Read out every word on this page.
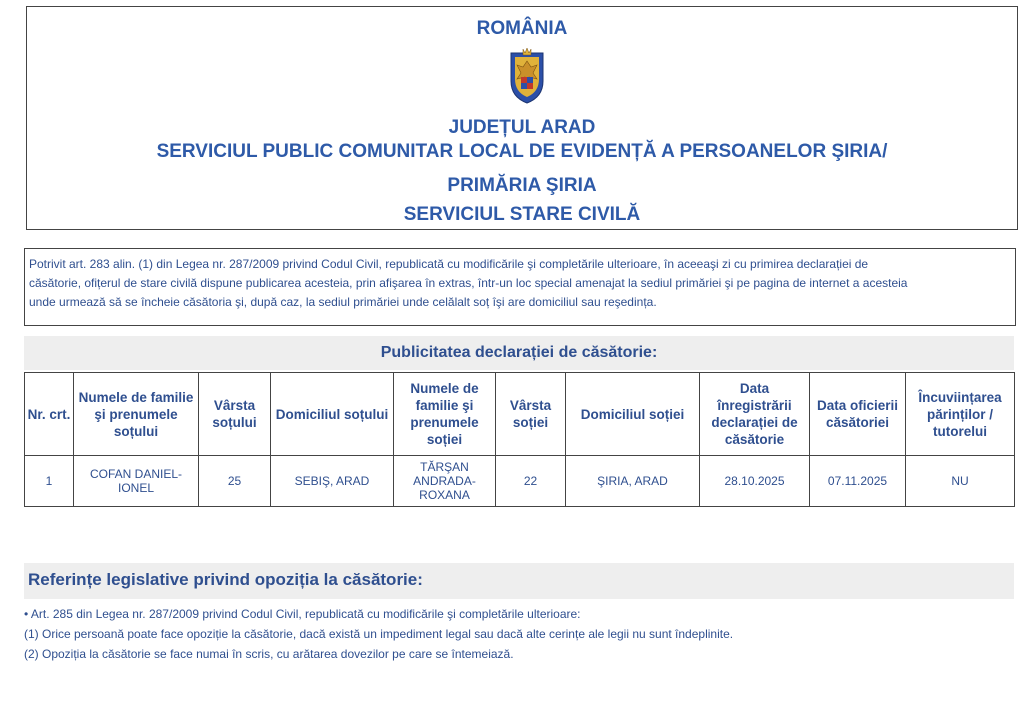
ROMÂNIA
JUDEȚUL ARAD
SERVICIUL PUBLIC COMUNITAR LOCAL DE EVIDENȚĂ A PERSOANELOR ŞIRIA/
PRIMĂRIA ŞIRIA
SERVICIUL STARE CIVILĂ
Potrivit art. 283 alin. (1) din Legea nr. 287/2009 privind Codul Civil, republicată cu modificările şi completările ulterioare, în aceeaşi zi cu primirea declarației de
căsătorie, ofițerul de stare civilă dispune publicarea acesteia, prin afişarea în extras, într-un loc special amenajat la sediul primăriei şi pe pagina de internet a acesteia
unde urmează să se încheie căsătoria şi, după caz, la sediul primăriei unde celălalt soț îşi are domiciliul sau reşedința.
Publicitatea declarației de căsătorie:
Nr. crt.	Numele de familie şi prenumele soțului	Vârsta soțului	Domiciliul soțului	Numele de familie şi prenumele soției	Vârsta soției	Domiciliul soției	Data înregistrării declarației de căsătorie	Data oficierii căsătoriei	Încuviințarea părinților / tutorelui
1	COFAN DANIEL-IONEL	25	SEBIŞ, ARAD	TĂRŞAN ANDRADA-ROXANA	22	ŞIRIA, ARAD	28.10.2025	07.11.2025	NU
Referințe legislative privind opoziția la căsătorie:
• Art. 285 din Legea nr. 287/2009 privind Codul Civil, republicată cu modificările şi completările ulterioare:
(1) Orice persoană poate face opoziție la căsătorie, dacă există un impediment legal sau dacă alte cerințe ale legii nu sunt îndeplinite.
(2) Opoziția la căsătorie se face numai în scris, cu arătarea dovezilor pe care se întemeiază.
